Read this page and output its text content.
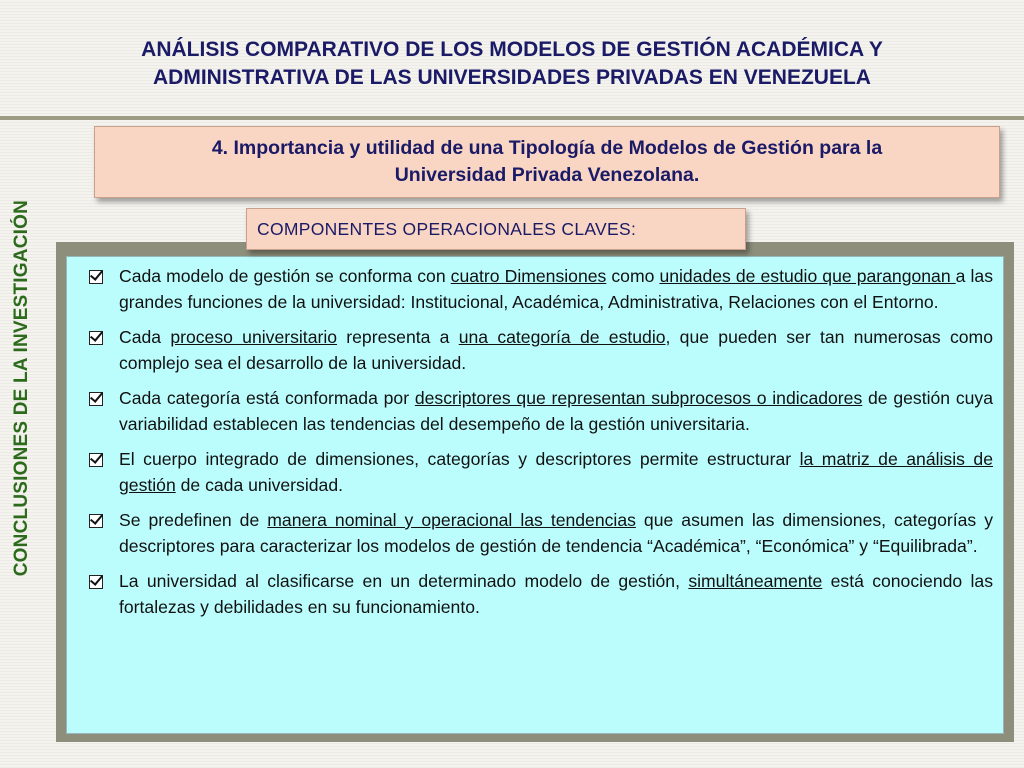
ANÁLISIS COMPARATIVO DE LOS MODELOS DE GESTIÓN ACADÉMICA Y
ADMINISTRATIVA DE LAS UNIVERSIDADES PRIVADAS EN VENEZUELA
CONCLUSIONES DE LA INVESTIGACIÓN
4. Importancia y utilidad de una Tipología de Modelos de Gestión para la
Universidad Privada Venezolana.
Cada modelo de gestión se conforma con cuatro Dimensiones como unidades de estudio que parangonan a las grandes funciones de la universidad: Institucional, Académica, Administrativa, Relaciones con el Entorno.
Cada proceso universitario representa a una categoría de estudio, que pueden ser tan numerosas como complejo sea el desarrollo de la universidad.
Cada categoría está conformada por descriptores que representan subprocesos o indicadores de gestión cuya variabilidad establecen las tendencias del desempeño de la gestión universitaria.
El cuerpo integrado de dimensiones, categorías y descriptores permite estructurar la matriz de análisis de gestión de cada universidad.
Se predefinen de manera nominal y operacional las tendencias que asumen las dimensiones, categorías y descriptores para caracterizar los modelos de gestión de tendencia “Académica”, “Económica” y “Equilibrada”.
La universidad al clasificarse en un determinado modelo de gestión, simultáneamente está conociendo las fortalezas y debilidades en su funcionamiento.
COMPONENTES OPERACIONALES CLAVES:
